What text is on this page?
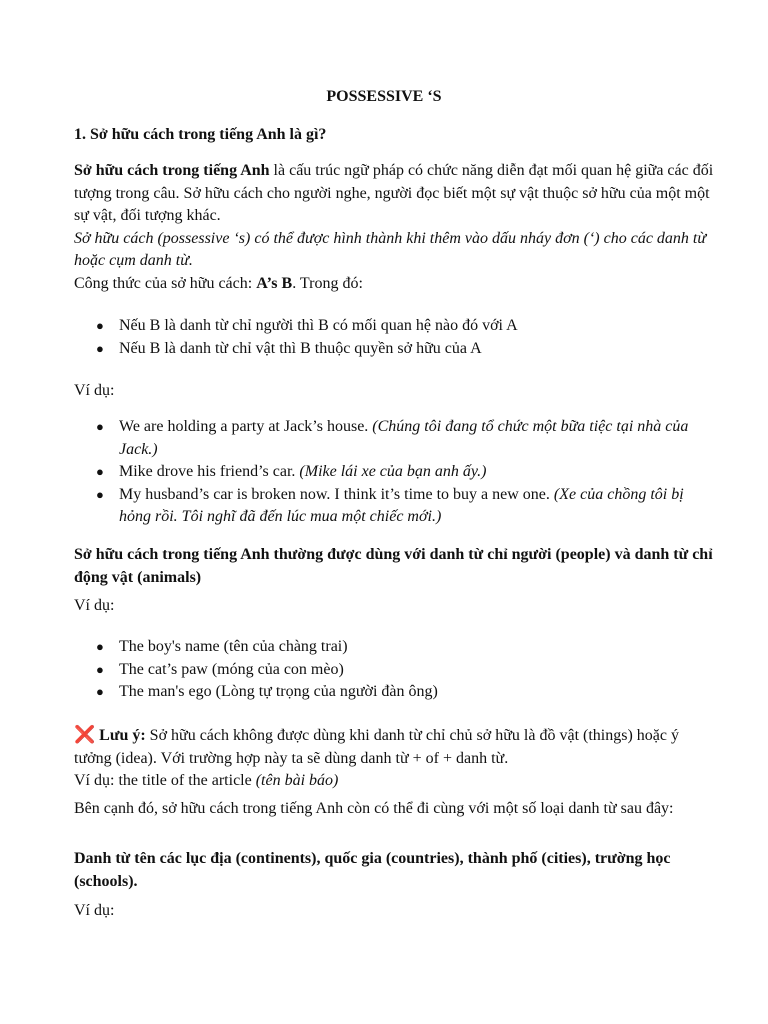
POSSESSIVE ‘S
1. Sở hữu cách trong tiếng Anh là gì?
Sở hữu cách trong tiếng Anh là cấu trúc ngữ pháp có chức năng diễn đạt mối quan hệ giữa các đối tượng trong câu. Sở hữu cách cho người nghe, người đọc biết một sự vật thuộc sở hữu của một một sự vật, đối tượng khác.
Sở hữu cách (possessive ‘s) có thể được hình thành khi thêm vào dấu nháy đơn (‘) cho các danh từ hoặc cụm danh từ.
Công thức của sở hữu cách: A’s B. Trong đó:
● Nếu B là danh từ chỉ người thì B có mối quan hệ nào đó với A
● Nếu B là danh từ chỉ vật thì B thuộc quyền sở hữu của A
Ví dụ:
● We are holding a party at Jack’s house. (Chúng tôi đang tổ chức một bữa tiệc tại nhà của Jack.)
● Mike drove his friend’s car. (Mike lái xe của bạn anh ấy.)
● My husband’s car is broken now. I think it’s time to buy a new one. (Xe của chồng tôi bị hỏng rồi. Tôi nghĩ đã đến lúc mua một chiếc mới.)
Sở hữu cách trong tiếng Anh thường được dùng với danh từ chỉ người (people) và danh từ chỉ động vật (animals)
Ví dụ:
● The boy's name (tên của chàng trai)
● The cat’s paw (móng của con mèo)
● The man's ego (Lòng tự trọng của người đàn ông)
❌ Lưu ý: Sở hữu cách không được dùng khi danh từ chỉ chủ sở hữu là đồ vật (things) hoặc ý tưởng (idea). Với trường hợp này ta sẽ dùng danh từ + of + danh từ.
Ví dụ: the title of the article (tên bài báo)
Bên cạnh đó, sở hữu cách trong tiếng Anh còn có thể đi cùng với một số loại danh từ sau đây:
Danh từ tên các lục địa (continents), quốc gia (countries), thành phố (cities), trường học (schools).
Ví dụ:
